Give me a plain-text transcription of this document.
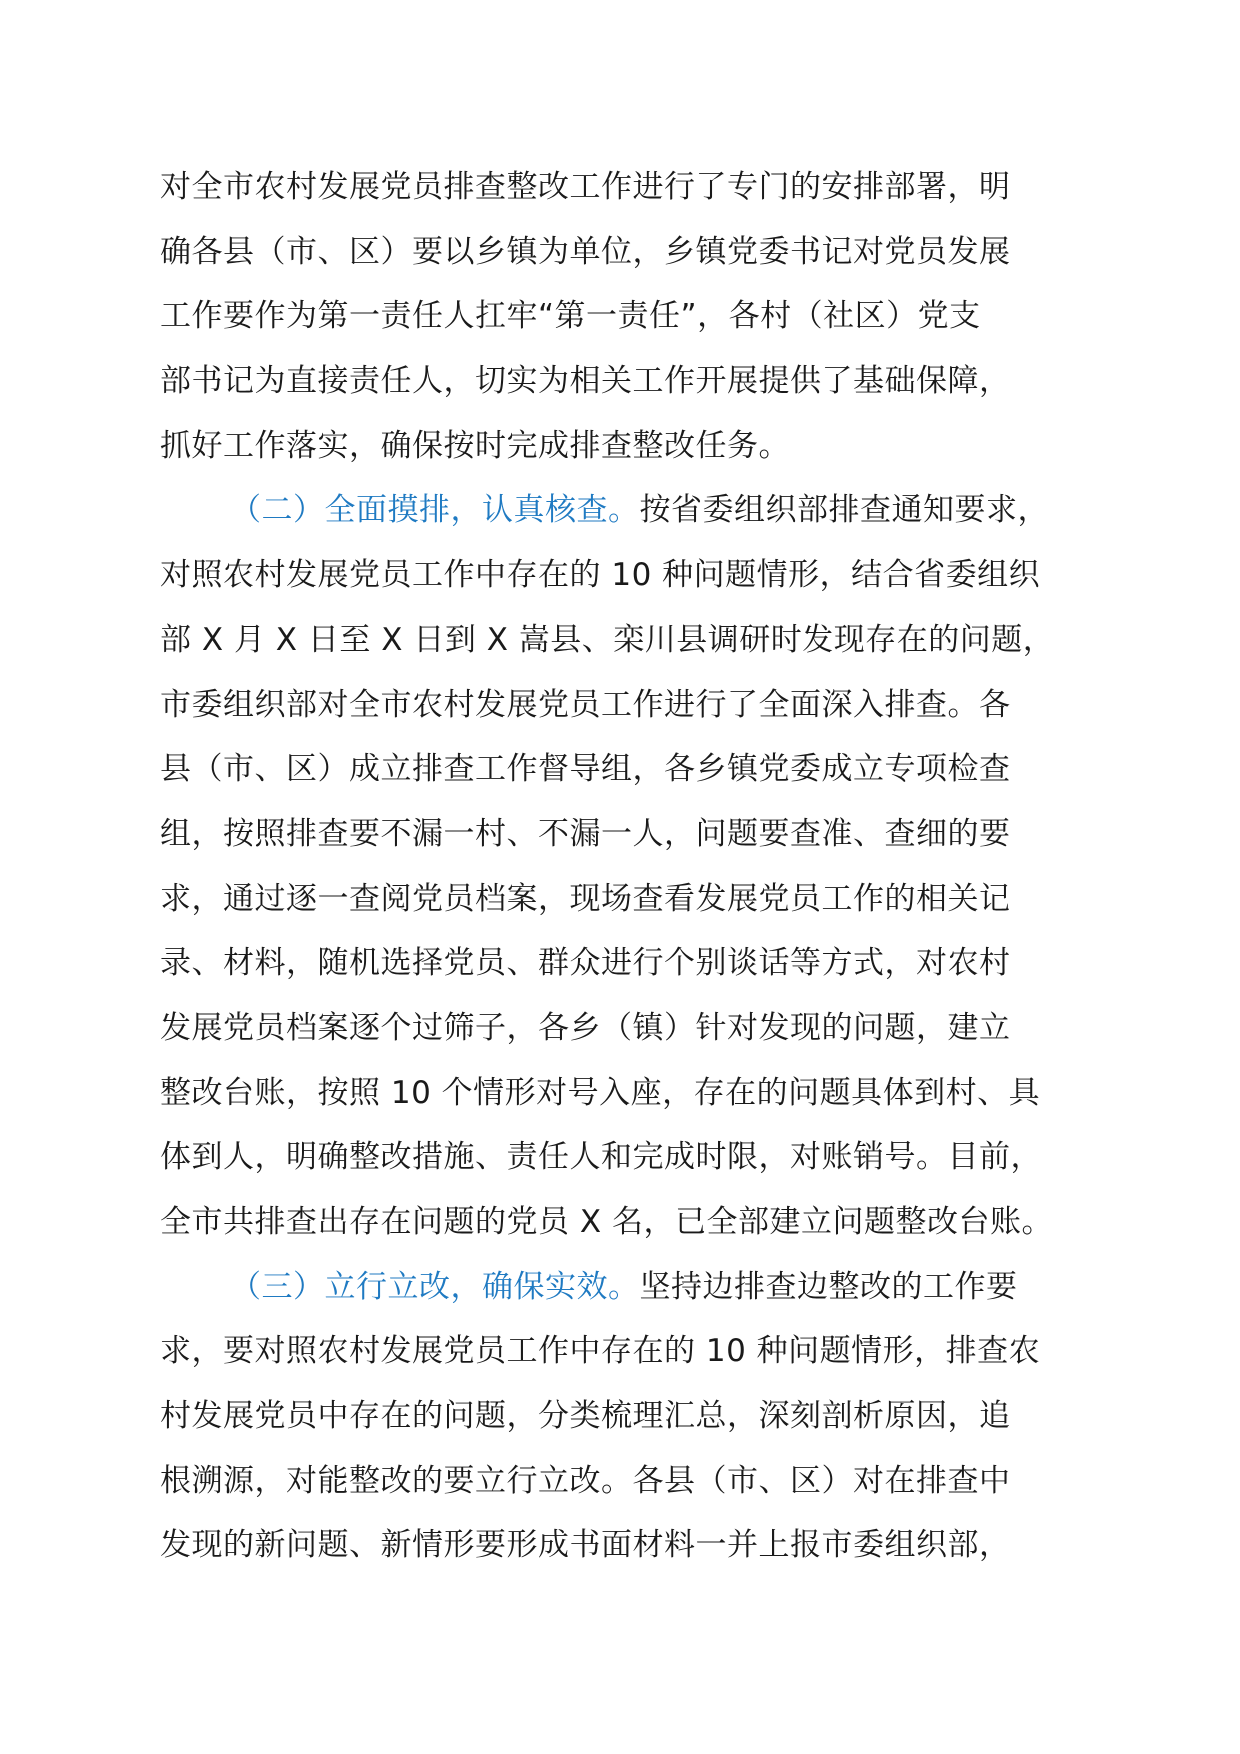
对全市农村发展党员排查整改工作进行了专门的安排部署，明
确各县（市、区）要以乡镇为单位，乡镇党委书记对党员发展
工作要作为第一责任人扛牢“第一责任”，各村（社区）党支
部书记为直接责任人，切实为相关工作开展提供了基础保障，
抓好工作落实，确保按时完成排查整改任务。
（二）全面摸排，认真核查。按省委组织部排查通知要求，
对照农村发展党员工作中存在的 10 种问题情形，结合省委组织
部 X 月 X 日至 X 日到 X 嵩县、栾川县调研时发现存在的问题，
市委组织部对全市农村发展党员工作进行了全面深入排查。各
县（市、区）成立排查工作督导组，各乡镇党委成立专项检查
组，按照排查要不漏一村、不漏一人，问题要查准、查细的要
求，通过逐一查阅党员档案，现场查看发展党员工作的相关记
录、材料，随机选择党员、群众进行个别谈话等方式，对农村
发展党员档案逐个过筛子，各乡（镇）针对发现的问题，建立
整改台账，按照 10 个情形对号入座，存在的问题具体到村、具
体到人，明确整改措施、责任人和完成时限，对账销号。目前，
全市共排查出存在问题的党员 X 名，已全部建立问题整改台账。
（三）立行立改，确保实效。坚持边排查边整改的工作要
求，要对照农村发展党员工作中存在的 10 种问题情形，排查农
村发展党员中存在的问题，分类梳理汇总，深刻剖析原因，追
根溯源，对能整改的要立行立改。各县（市、区）对在排查中
发现的新问题、新情形要形成书面材料一并上报市委组织部，
